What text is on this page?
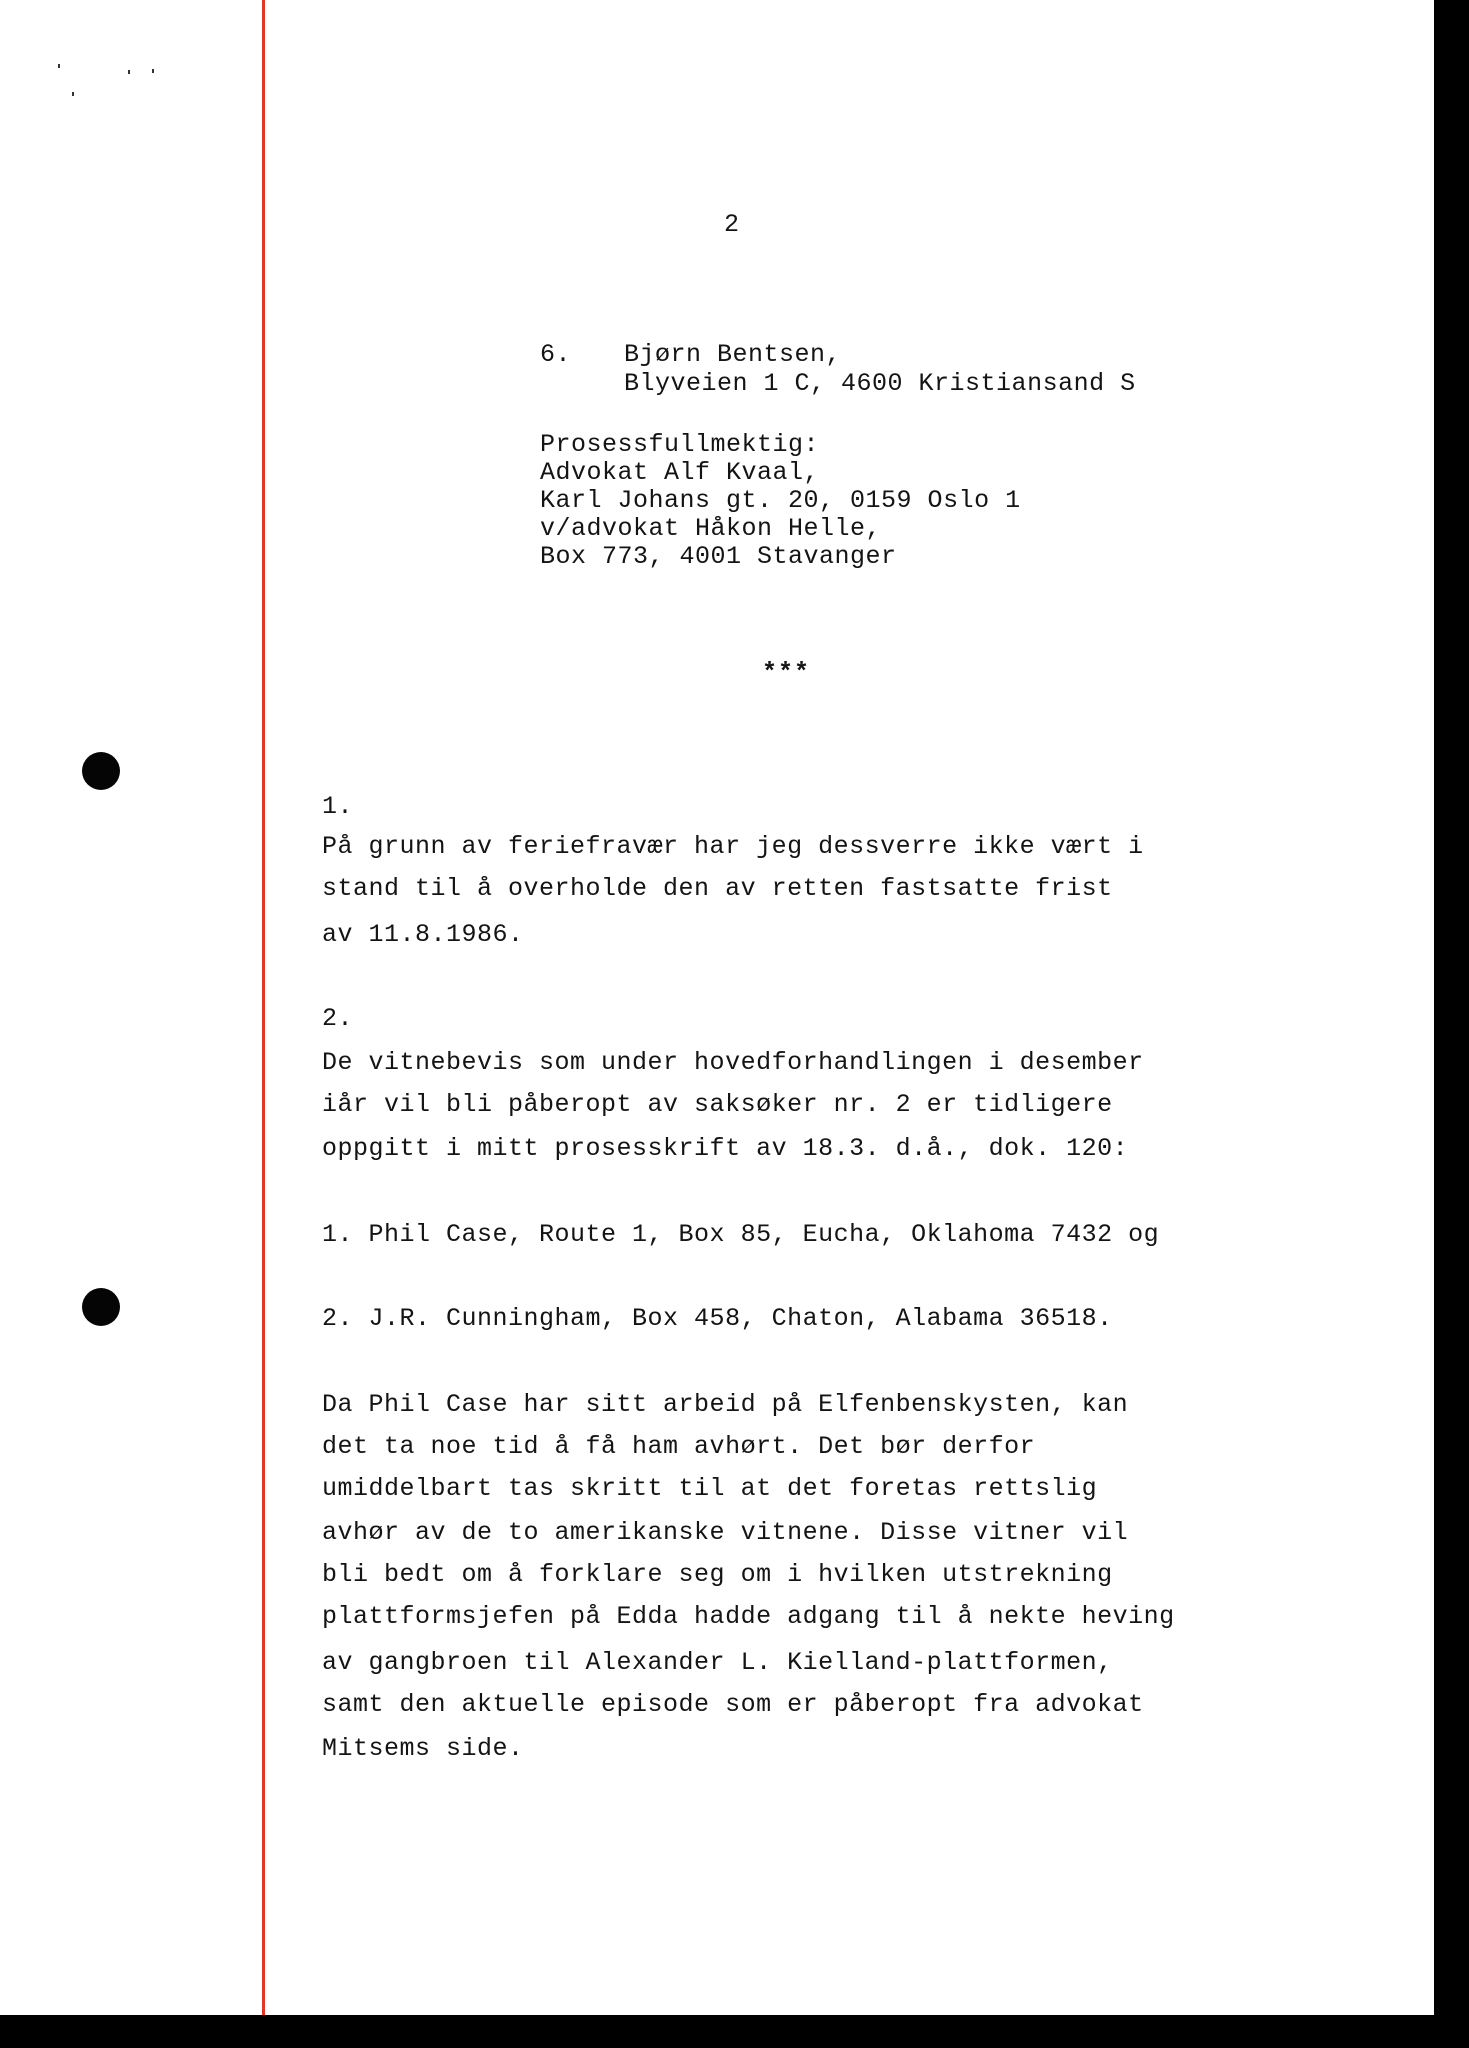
2
6. Bjørn Bentsen,
Blyveien 1 C, 4600 Kristiansand S
Prosessfullmektig:
Advokat Alf Kvaal,
Karl Johans gt. 20, 0159 Oslo 1
v/advokat Håkon Helle,
Box 773, 4001 Stavanger
***
1.
På grunn av feriefravær har jeg dessverre ikke vært i
stand til å overholde den av retten fastsatte frist
av 11.8.1986.
2.
De vitnebevis som under hovedforhandlingen i desember
iår vil bli påberopt av saksøker nr. 2 er tidligere
oppgitt i mitt prosesskrift av 18.3. d.å., dok. 120:
1. Phil Case, Route 1, Box 85, Eucha, Oklahoma 7432 og
2. J.R. Cunningham, Box 458, Chaton, Alabama 36518.
Da Phil Case har sitt arbeid på Elfenbenskysten, kan
det ta noe tid å få ham avhørt. Det bør derfor
umiddelbart tas skritt til at det foretas rettslig
avhør av de to amerikanske vitnene. Disse vitner vil
bli bedt om å forklare seg om i hvilken utstrekning
plattformsjefen på Edda hadde adgang til å nekte heving
av gangbroen til Alexander L. Kielland-plattformen,
samt den aktuelle episode som er påberopt fra advokat
Mitsems side.
